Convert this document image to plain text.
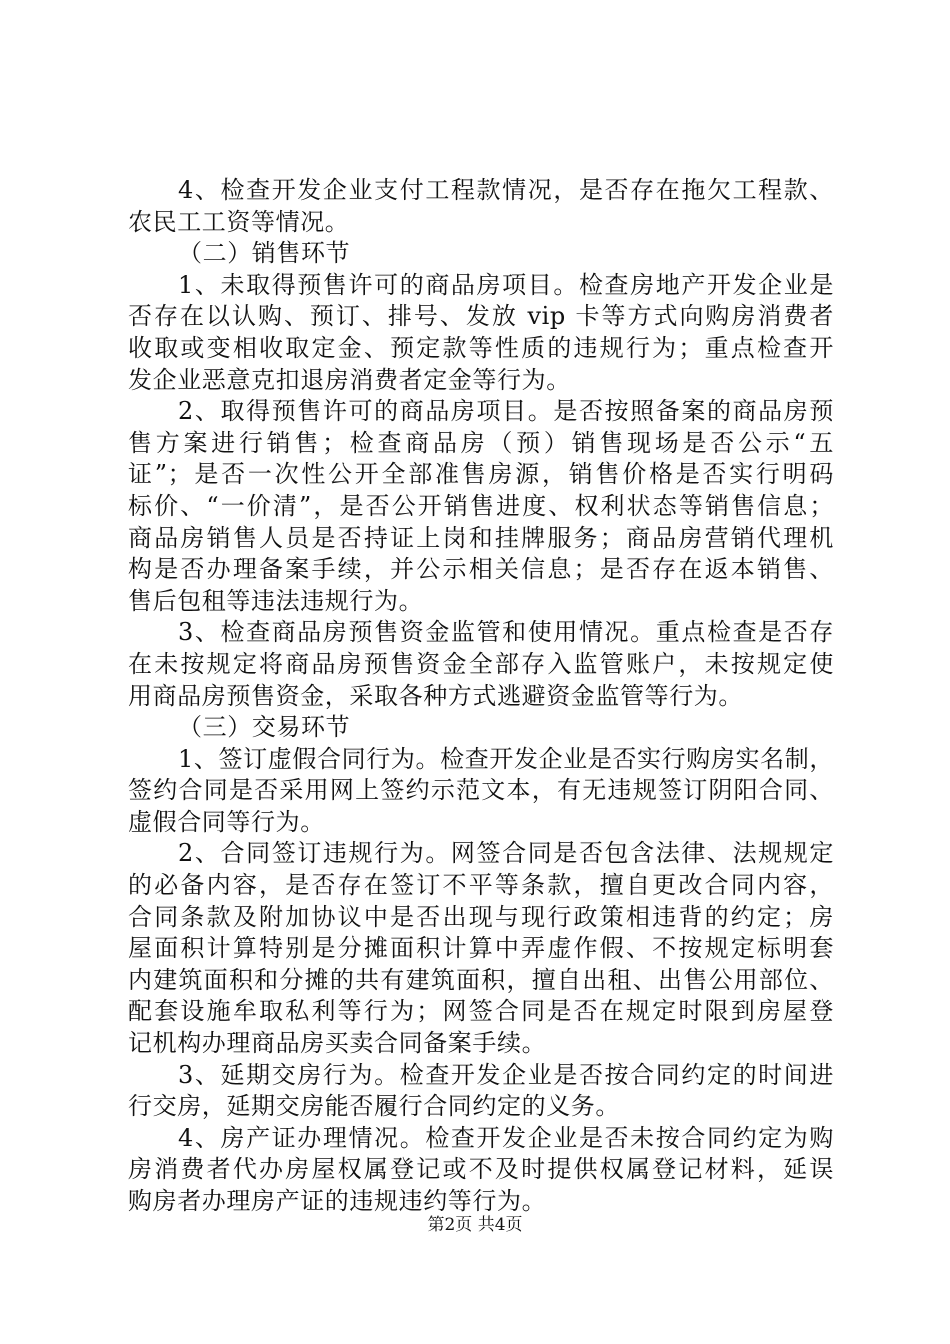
4、检查开发企业支付工程款情况，是否存在拖欠工程款、
农民工工资等情况。
（二）销售环节
1、未取得预售许可的商品房项目。检查房地产开发企业是
否存在以认购、预订、排号、发放 vip 卡等方式向购房消费者
收取或变相收取定金、预定款等性质的违规行为；重点检查开
发企业恶意克扣退房消费者定金等行为。
2、取得预售许可的商品房项目。是否按照备案的商品房预
售方案进行销售；检查商品房（预）销售现场是否公示“五
证”；是否一次性公开全部准售房源，销售价格是否实行明码
标价、“一价清”，是否公开销售进度、权利状态等销售信息；
商品房销售人员是否持证上岗和挂牌服务；商品房营销代理机
构是否办理备案手续，并公示相关信息；是否存在返本销售、
售后包租等违法违规行为。
3、检查商品房预售资金监管和使用情况。重点检查是否存
在未按规定将商品房预售资金全部存入监管账户，未按规定使
用商品房预售资金，采取各种方式逃避资金监管等行为。
（三）交易环节
1、签订虚假合同行为。检查开发企业是否实行购房实名制，
签约合同是否采用网上签约示范文本，有无违规签订阴阳合同、
虚假合同等行为。
2、合同签订违规行为。网签合同是否包含法律、法规规定
的必备内容，是否存在签订不平等条款，擅自更改合同内容，
合同条款及附加协议中是否出现与现行政策相违背的约定；房
屋面积计算特别是分摊面积计算中弄虚作假、不按规定标明套
内建筑面积和分摊的共有建筑面积，擅自出租、出售公用部位、
配套设施牟取私利等行为；网签合同是否在规定时限到房屋登
记机构办理商品房买卖合同备案手续。
3、延期交房行为。检查开发企业是否按合同约定的时间进
行交房，延期交房能否履行合同约定的义务。
4、房产证办理情况。检查开发企业是否未按合同约定为购
房消费者代办房屋权属登记或不及时提供权属登记材料，延误
购房者办理房产证的违规违约等行为。
第2页 共4页
